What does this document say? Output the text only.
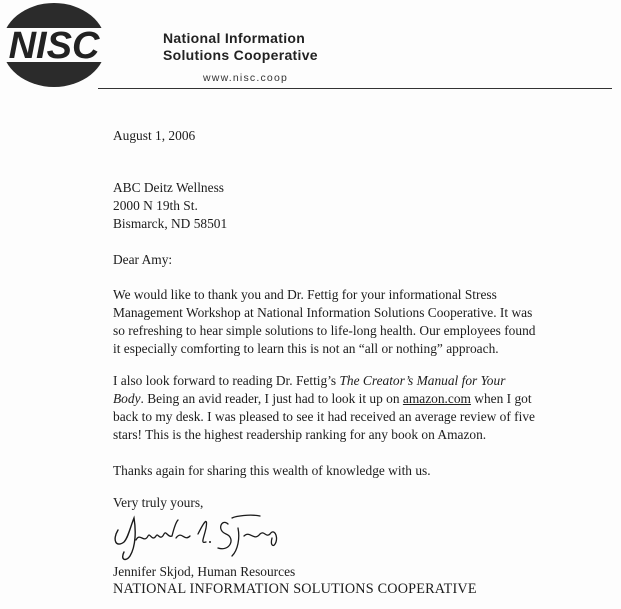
NISC	National Information
Solutions Cooperative
www.nisc.coop
August 1, 2006
ABC Deitz Wellness
2000 N 19th St.
Bismarck, ND 58501
Dear Amy:
We would like to thank you and Dr. Fettig for your informational Stress
Management Workshop at National Information Solutions Cooperative. It was
so refreshing to hear simple solutions to life-long health. Our employees found
it especially comforting to learn this is not an “all or nothing” approach.
I also look forward to reading Dr. Fettig’s The Creator’s Manual for Your
Body. Being an avid reader, I just had to look it up on amazon.com when I got
back to my desk. I was pleased to see it had received an average review of five
stars! This is the highest readership ranking for any book on Amazon.
Thanks again for sharing this wealth of knowledge with us.
Very truly yours,
Jennifer Skjod, Human Resources
NATIONAL INFORMATION SOLUTIONS COOPERATIVE
